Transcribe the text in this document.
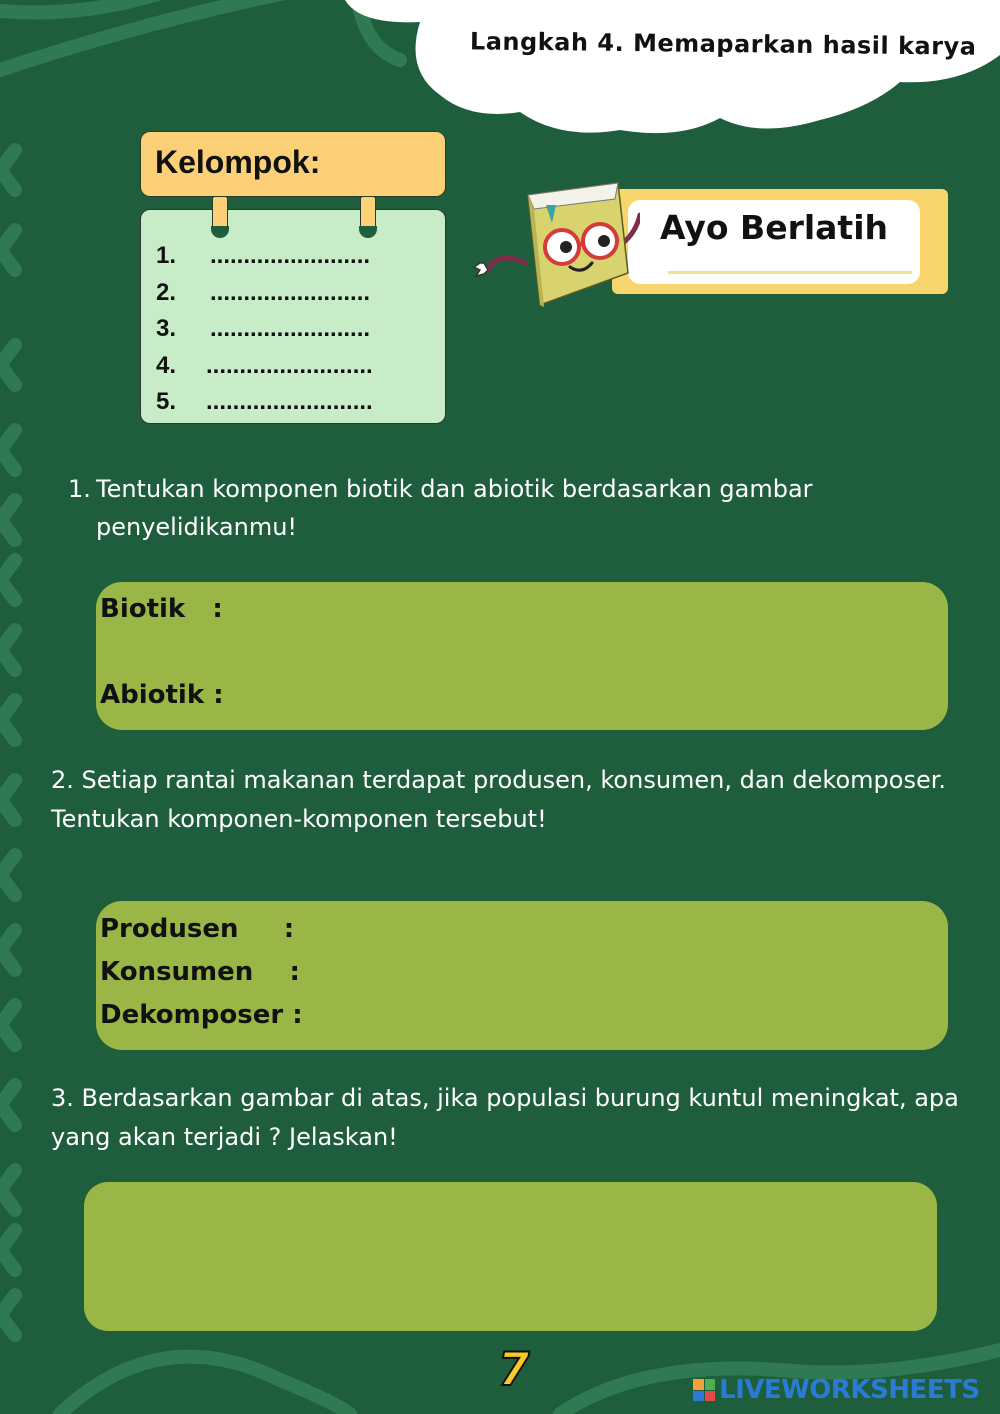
Langkah 4. Memaparkan hasil karya
Kelompok:
1. ........................
2. ........................
3. ........................
4. .........................
5. .........................
Ayo Berlatih
1. Tentukan komponen biotik dan abiotik berdasarkan gambar penyelidikanmu!
Biotik   :
Abiotik :
2. Setiap rantai makanan terdapat produsen, konsumen, dan dekomposer. Tentukan komponen-komponen tersebut!
Produsen     :
Konsumen    :
Dekomposer :
3. Berdasarkan gambar di atas, jika populasi burung kuntul meningkat, apa yang akan terjadi ? Jelaskan!
7	LIVEWORKSHEETS
